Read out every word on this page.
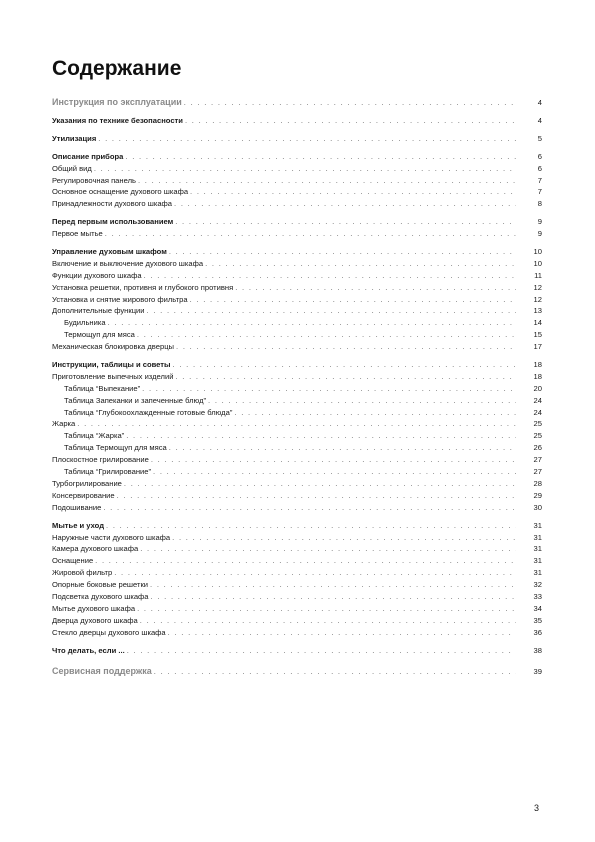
Содержание
Инструкция по эксплуатации . . .	4
Указания по технике безопасности . . .	4
Утилизация . . .	5
Описание прибора . . .	6
Общий вид . . .	6
Регулировочная панель . . .	7
Основное оснащение духового шкафа . . .	7
Принадлежности духового шкафа . . .	8
Перед первым использованием . . .	9
Первое мытье . . .	9
Управление духовым шкафом . . .	10
Включение и выключение духового шкафа . . .	10
Функции духового шкафа . . .	11
Установка решетки, противня и глубокого противня . . .	12
Установка и снятие жирового фильтра . . .	12
Дополнительные функции . . .	13
Будильника . . .	14
Термощуп для мяса . . .	15
Механическая блокировка дверцы . . .	17
Инструкции, таблицы и советы . . .	18
Приготовление выпечных изделий . . .	18
Таблица “Выпекание” . . .	20
Таблица Запеканки и запеченные блюд” . . .	24
Таблица “Глубокоохлажденные готовые блюда” . . .	24
Жарка . . .	25
Таблица “Жарка” . . .	25
Таблица Термощуп для мяса . . .	26
Плоскостное грилирование . . .	27
Таблица “Грилирование” . . .	27
Турбогрилирование . . .	28
Консервирование . . .	29
Подошивание . . .	30
Мытье и уход . . .	31
Наружные части духового шкафа . . .	31
Камера духового шкафа . . .	31
Оснащение . . .	31
Жировой фильтр . . .	31
Опорные боковые решетки . . .	32
Подсветка духового шкафа . . .	33
Мытье духового шкафа . . .	34
Дверца духового шкафа . . .	35
Стекло дверцы духового шкафа . . .	36
Что делать, если ... . . .	38
Сервисная поддержка . . .	39
3
